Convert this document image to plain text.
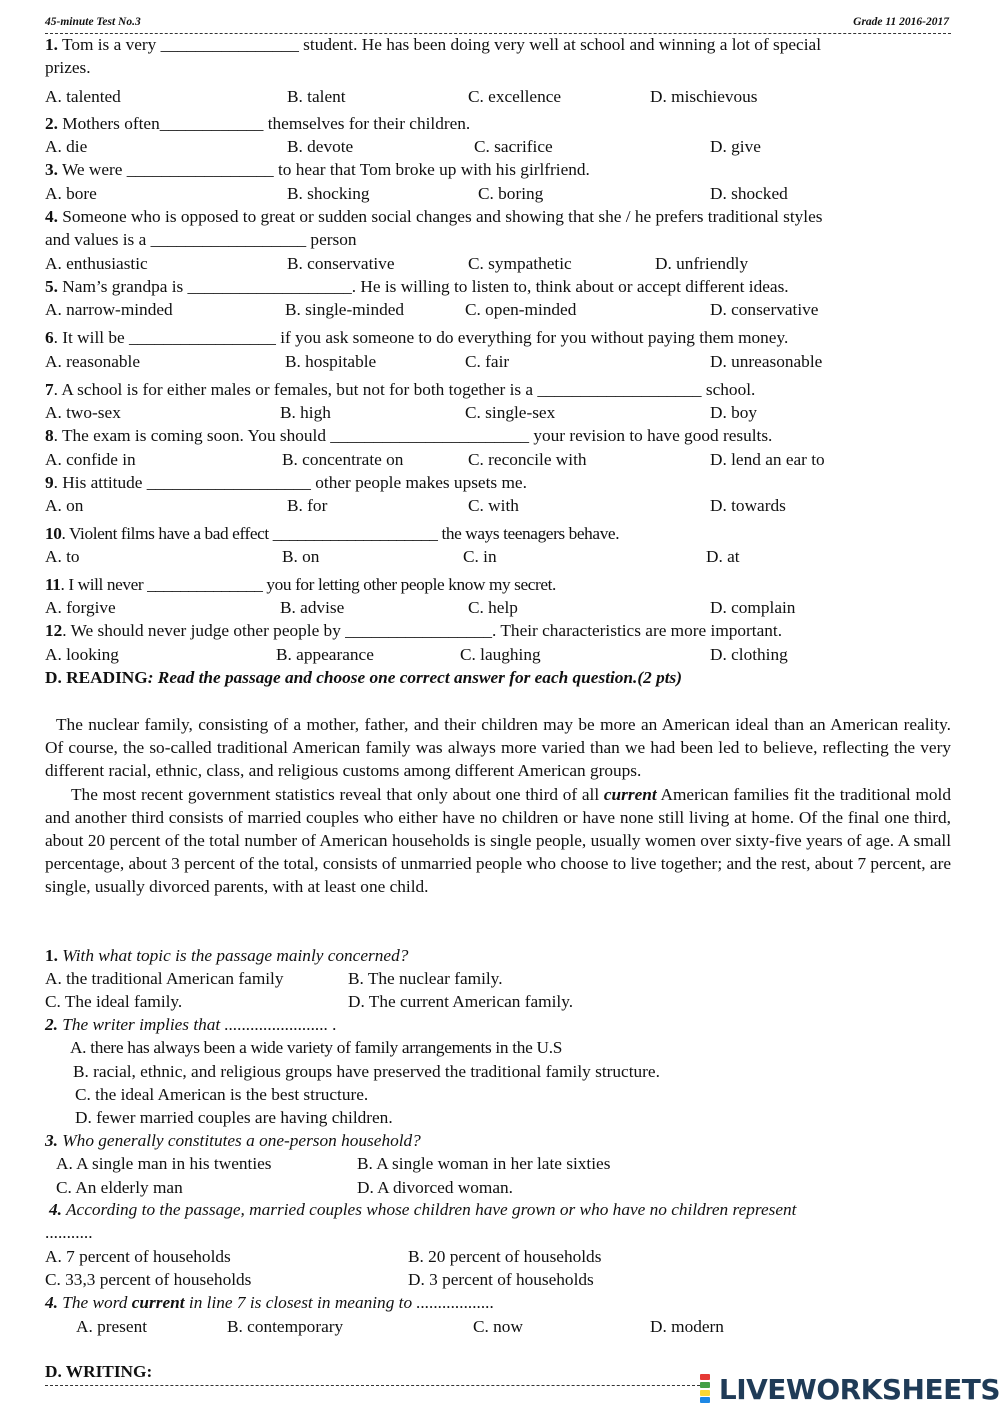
45-minute Test No.3	Grade 11 2016-2017
1. Tom is a very ________________ student. He has been doing very well at school and winning a lot of special
prizes.
A. talented	B. talent	C. excellence	D. mischievous
2. Mothers often____________ themselves for their children.
A. die	B. devote	C. sacrifice	D. give
3. We were _________________ to hear that Tom broke up with his girlfriend.
A. bore	B. shocking	C. boring	D. shocked
4. Someone who is opposed to great or sudden social changes and showing that she / he prefers traditional styles
and values is a __________________ person
A. enthusiastic	B. conservative	C. sympathetic	D. unfriendly
5. Nam’s grandpa is ___________________. He is willing to listen to, think about or accept different ideas.
A. narrow-minded	B. single-minded	C. open-minded	D. conservative
6. It will be _________________ if you ask someone to do everything for you without paying them money.
A. reasonable	B. hospitable	C. fair	D. unreasonable
7. A school is for either males or females, but not for both together is a ___________________ school.
A. two-sex	B. high	C. single-sex	D. boy
8. The exam is coming soon. You should _______________________ your revision to have good results.
A. confide in	B. concentrate on	C. reconcile with	D. lend an ear to
9. His attitude ___________________ other people makes upsets me.
A. on	B. for	C. with	D. towards
10. Violent films have a bad effect ____________________ the ways teenagers behave.
A. to	B. on	C. in	D. at
11. I will never ______________ you for letting other people know my secret.
A. forgive	B. advise	C. help	D. complain
12. We should never judge other people by _________________. Their characteristics are more important.
A. looking	B. appearance	C. laughing	D. clothing
D. READING: Read the passage and choose one correct answer for each question.(2 pts)

The nuclear family, consisting of a mother, father, and their children may be more an American ideal than an American reality. Of course, the so-called traditional American family was always more varied than we had been led to believe, reflecting the very different racial, ethnic, class, and religious customs among different American groups.

The most recent government statistics reveal that only about one third of all current American families fit the traditional mold and another third consists of married couples who either have no children or have none still living at home. Of the final one third, about 20 percent of the total number of American households is single people, usually women over sixty-five years of age. A small percentage, about 3 percent of the total, consists of unmarried people who choose to live together; and the rest, about 7 percent, are single, usually divorced parents, with at least one child.

1. With what topic is the passage mainly concerned?
A. the traditional American family	B. The nuclear family.
C. The ideal family.	D. The current American family.
2. The writer implies that ........................ .
A. there has always been a wide variety of family arrangements in the U.S
B. racial, ethnic, and religious groups have preserved the traditional family structure.
C. the ideal American is the best structure.
D. fewer married couples are having children.
3. Who generally constitutes a one-person household?
A. A single man in his twenties	B. A single woman in her late sixties
C. An elderly man	D. A divorced woman.
4. According to the passage, married couples whose children have grown or who have no children represent
...........
A. 7 percent of households	B. 20 percent of households
C. 33,3 percent of households	D. 3 percent of households
4. The word current in line 7 is closest in meaning to ..................
A. present	B. contemporary	C. now	D. modern
D. WRITING:
LIVEWORKSHEETS
